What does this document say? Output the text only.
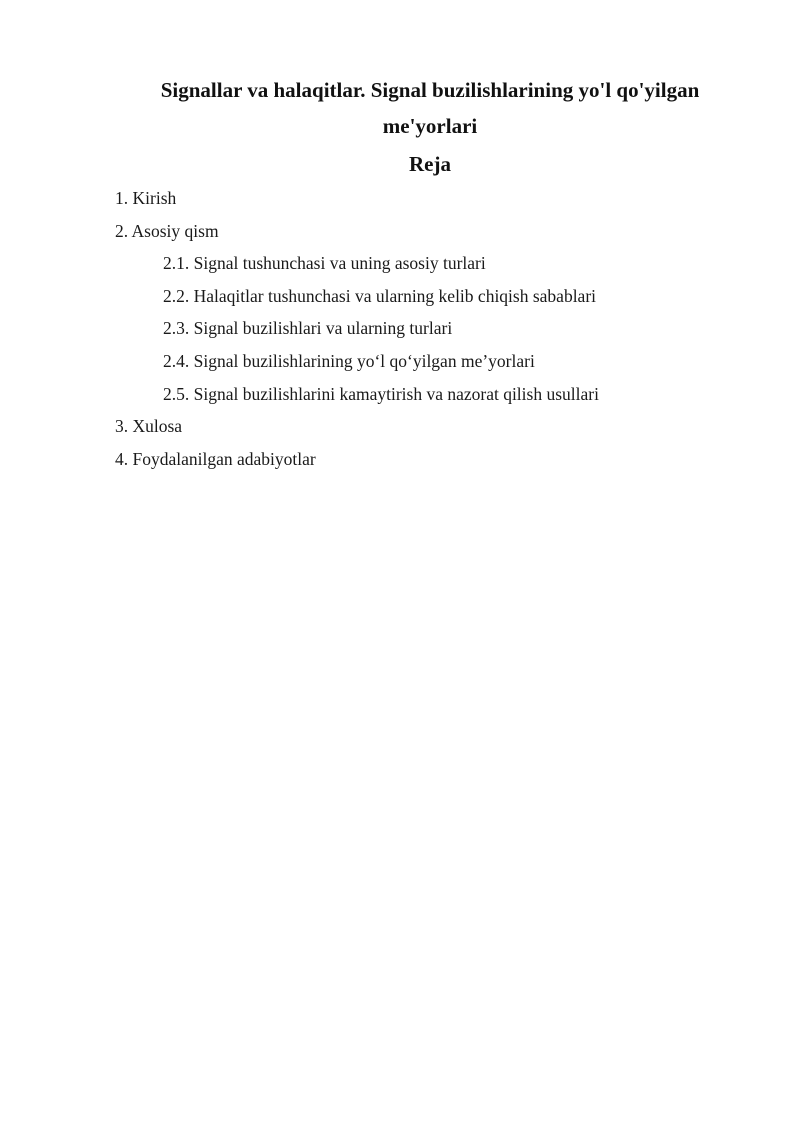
Signallar va halaqitlar. Signal buzilishlarining yo'l qo'yilgan me'yorlari
Reja
1. Kirish
2. Asosiy qism
2.1. Signal tushunchasi va uning asosiy turlari
2.2. Halaqitlar tushunchasi va ularning kelib chiqish sabablari
2.3. Signal buzilishlari va ularning turlari
2.4. Signal buzilishlarining yo‘l qo‘yilgan me’yorlari
2.5. Signal buzilishlarini kamaytirish va nazorat qilish usullari
3. Xulosa
4. Foydalanilgan adabiyotlar
